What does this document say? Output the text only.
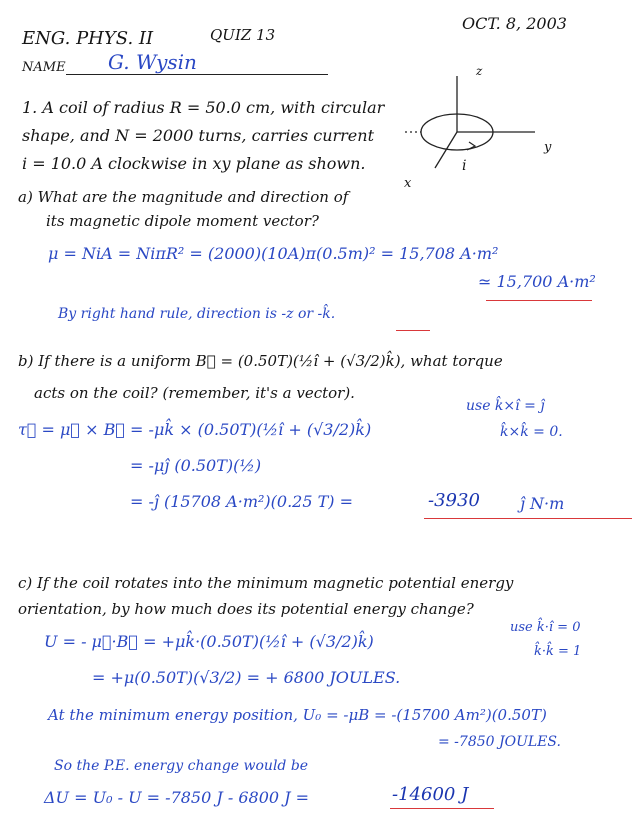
ENG. PHYS. II	QUIZ 13
OCT. 8, 2003
NAME G. Wysin	z
y
x
i
1. A coil of radius R = 50.0 cm, with circular
shape, and N = 2000 turns, carries current
i = 10.0 A clockwise in xy plane as shown.
a) What are the magnitude and direction of
its magnetic dipole moment vector?
μ = NiA = NiπR² = (2000)(10A)π(0.5m)² = 15,708 A·m²
≃ 15,700 A·m²
By right hand rule, direction is -z or -k̂.
b) If there is a uniform B⃗ = (0.50T)(½î + (√3/2)k̂), what torque
acts on the coil? (remember, it's a vector).
use k̂×î = ĵ
k̂×k̂ = 0.
τ⃗ = μ⃗ × B⃗ = -μk̂ × (0.50T)(½î + (√3/2)k̂)
= -μĵ (0.50T)(½)
= -ĵ (15708 A·m²)(0.25 T) =	-3930	ĵ N·m
c) If the coil rotates into the minimum magnetic potential energy
orientation, by how much does its potential energy change?
use k̂·î = 0
k̂·k̂ = 1
U = - μ⃗·B⃗ = +μk̂·(0.50T)(½î + (√3/2)k̂)
= +μ(0.50T)(√3/2) = + 6800 JOULES.
At the minimum energy position, U₀ = -μB = -(15700 Am²)(0.50T)
= -7850 JOULES.
So the P.E. energy change would be
ΔU = U₀ - U = -7850 J - 6800 J =	-14600 J
